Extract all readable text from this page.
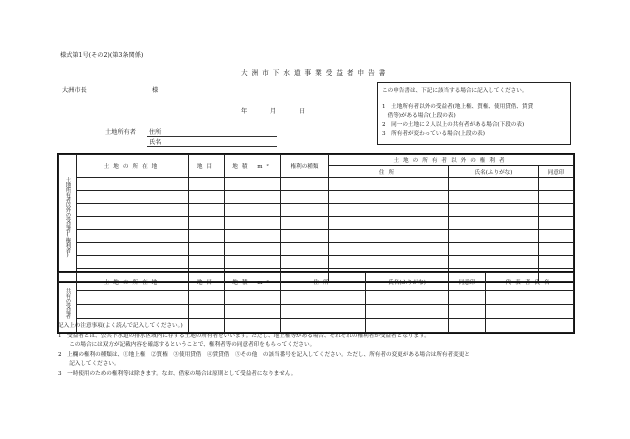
様式第1号(その2)(第3条関係)
大洲市下水道事業受益者申告書
大洲市長	様
年	月	日
土地所有者 住所
氏名
この申告書は、下記に該当する場合に記入してください。
1　土地所有者以外の受益者(地上権、質権、使用貸借、賃貸
　借等)がある場合(上段の表)
2　同一の土地に２人以上の共有者がある場合(下段の表)
3　所有者が変わっている場合(上段の表)
土地所有者以外の受益者(権利者)	土地の所在地	地目	地積 m²	権利の種類	土地の所有者以外の権利者		
					住所	氏名(ふりがな)	同意印

共有の受益者	土地の所在地	地目	地積 m²	住所	氏名(ふりがな)	同意印	代表者氏名

記入上の注意事項(よく読んで記入してください。)
1　受益者とは、公共下水道の排水区域内に存する土地の所有者をいいます。ただし、地上権等がある場合、それぞれの権利者が受益者となります。
　　この場合には双方が記載内容を確認するということで、権利者等の同意者印をもらってください。
2　上欄の権利の種類は、①地上権　②質権　③使用貸借　④賃貸借　⑤その他　の該当番号を記入してください。ただし、所有者の変更がある場合は所有者変更と
　　記入してください。
3　一時使用のための権利等は除きます。なお、借家の場合は原則として受益者になりません。
